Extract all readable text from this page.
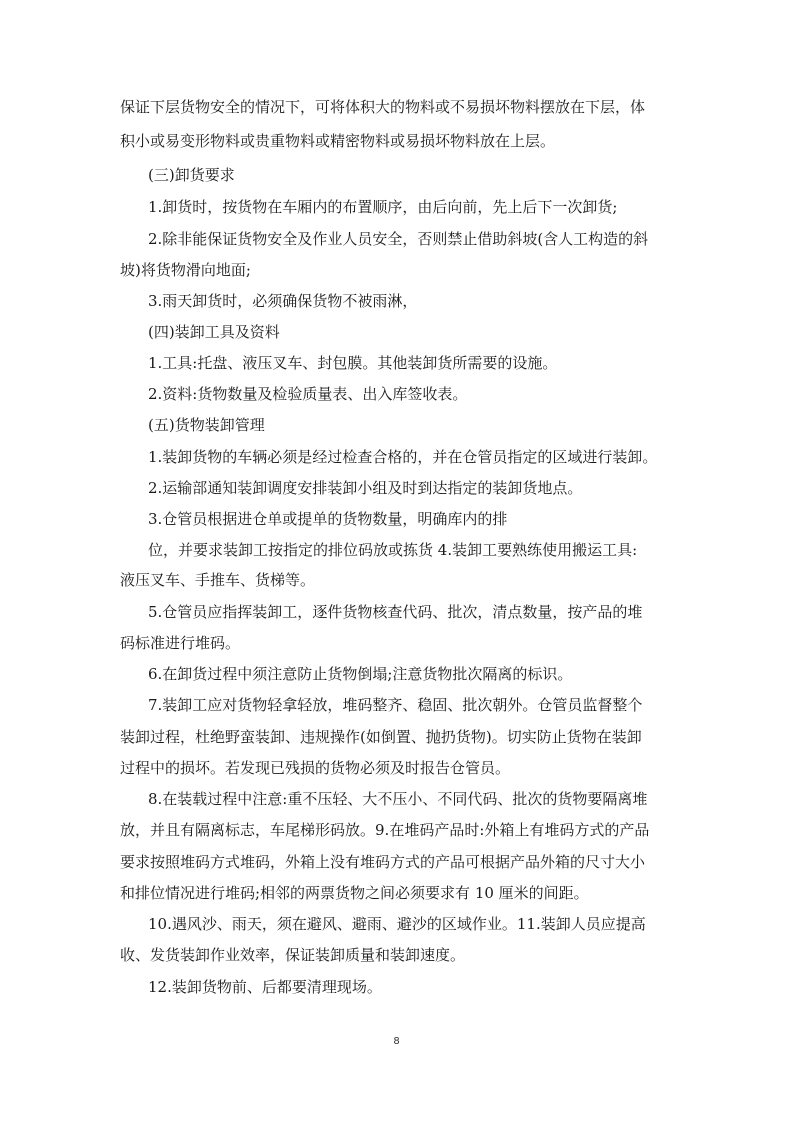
保证下层货物安全的情况下，可将体积大的物料或不易损坏物料摆放在下层，体
积小或易变形物料或贵重物料或精密物料或易损坏物料放在上层。
(三)卸货要求
1.卸货时，按货物在车厢内的布置顺序，由后向前，先上后下一次卸货;
2.除非能保证货物安全及作业人员安全，否则禁止借助斜坡(含人工构造的斜
坡)将货物滑向地面;
3.雨天卸货时，必须确保货物不被雨淋，
(四)装卸工具及资料
1.工具:托盘、液压叉车、封包膜。其他装卸货所需要的设施。
2.资料:货物数量及检验质量表、出入库签收表。
(五)货物装卸管理
1.装卸货物的车辆必须是经过检查合格的，并在仓管员指定的区域进行装卸。
2.运输部通知装卸调度安排装卸小组及时到达指定的装卸货地点。
3.仓管员根据进仓单或提单的货物数量，明确库内的排
位，并要求装卸工按指定的排位码放或拣货 4.装卸工要熟练使用搬运工具:
液压叉车、手推车、货梯等。
5.仓管员应指挥装卸工，逐件货物核查代码、批次，清点数量，按产品的堆
码标准进行堆码。
6.在卸货过程中须注意防止货物倒塌;注意货物批次隔离的标识。
7.装卸工应对货物轻拿轻放，堆码整齐、稳固、批次朝外。仓管员监督整个
装卸过程，杜绝野蛮装卸、违规操作(如倒置、抛扔货物)。切实防止货物在装卸
过程中的损坏。若发现已残损的货物必须及时报告仓管员。
8.在装载过程中注意:重不压轻、大不压小、不同代码、批次的货物要隔离堆
放，并且有隔离标志，车尾梯形码放。9.在堆码产品时:外箱上有堆码方式的产品
要求按照堆码方式堆码，外箱上没有堆码方式的产品可根据产品外箱的尺寸大小
和排位情况进行堆码;相邻的两票货物之间必须要求有 10 厘米的间距。
10.遇风沙、雨天，须在避风、避雨、避沙的区域作业。11.装卸人员应提高
收、发货装卸作业效率，保证装卸质量和装卸速度。
12.装卸货物前、后都要清理现场。
8
